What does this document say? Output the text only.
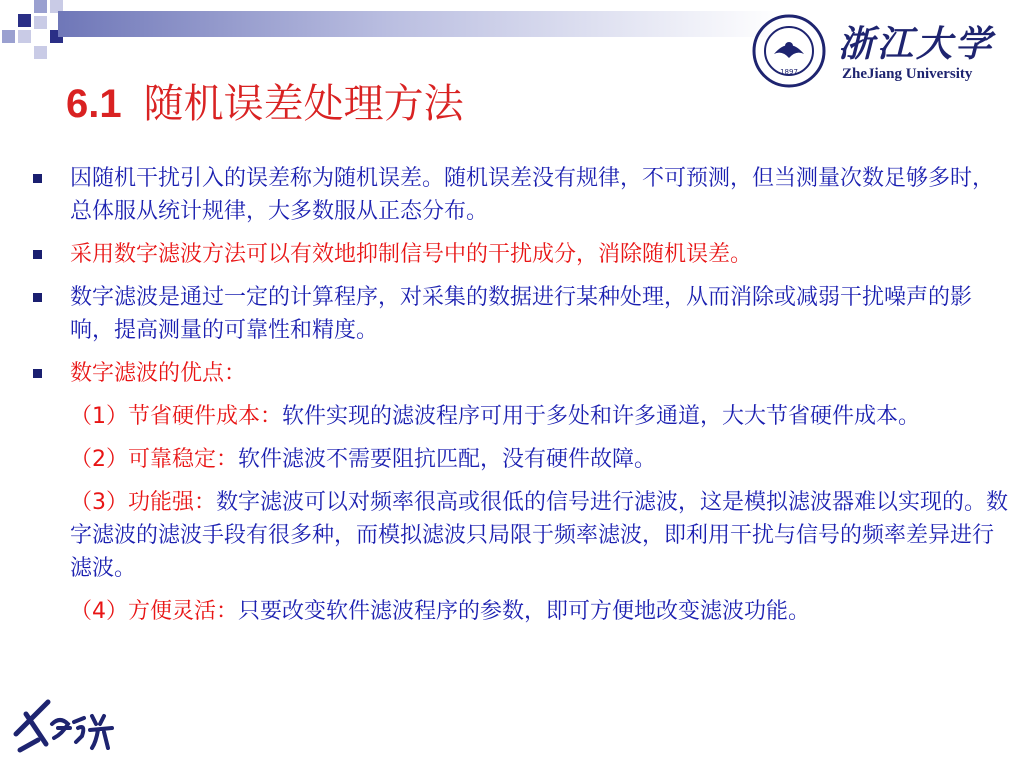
1897
浙江大学
ZheJiang University
6.1 随机误差处理方法
因随机干扰引入的误差称为随机误差。随机误差没有规律，不可预测，但当测量次数足够多时，总体服从统计规律，大多数服从正态分布。
采用数字滤波方法可以有效地抑制信号中的干扰成分，消除随机误差。
数字滤波是通过一定的计算程序，对采集的数据进行某种处理，从而消除或减弱干扰噪声的影响，提高测量的可靠性和精度。
数字滤波的优点：
（1）节省硬件成本：软件实现的滤波程序可用于多处和许多通道，大大节省硬件成本。
（2）可靠稳定：软件滤波不需要阻抗匹配，没有硬件故障。
（3）功能强：数字滤波可以对频率很高或很低的信号进行滤波，这是模拟滤波器难以实现的。数字滤波的滤波手段有很多种，而模拟滤波只局限于频率滤波，即利用干扰与信号的频率差异进行滤波。
（4）方便灵活：只要改变软件滤波程序的参数，即可方便地改变滤波功能。
